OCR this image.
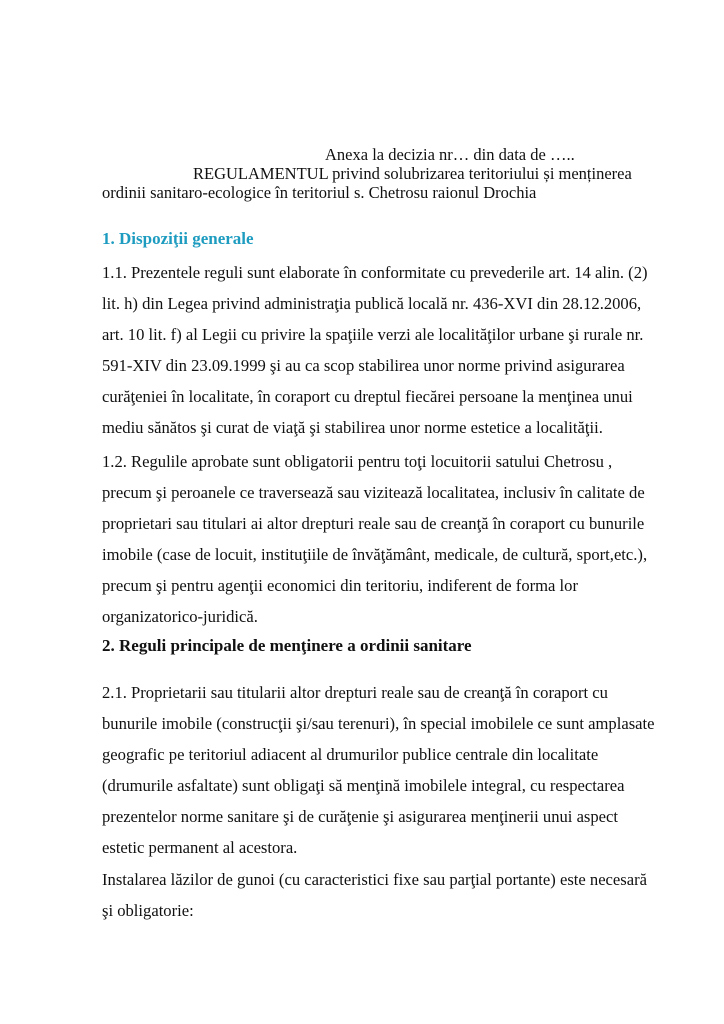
Anexa la decizia nr… din data de …..
REGULAMENTUL privind solubrizarea teritoriului și menținerea
ordinii sanitaro-ecologice în teritoriul s. Chetrosu raionul Drochia
1. Dispoziţii generale
1.1. Prezentele reguli sunt elaborate în conformitate cu prevederile art. 14 alin. (2)
lit. h) din Legea privind administraţia publică locală nr. 436-XVI din 28.12.2006,
art. 10 lit. f) al Legii cu privire la spaţiile verzi ale localităţilor urbane şi rurale nr.
591-XIV din 23.09.1999 şi au ca scop stabilirea unor norme privind asigurarea
curăţeniei în localitate, în coraport cu dreptul fiecărei persoane la menţinea unui
mediu sănătos şi curat de viaţă şi stabilirea unor norme estetice a localităţii.
1.2. Regulile aprobate sunt obligatorii pentru toţi locuitorii satului Chetrosu ,
precum şi peroanele ce traversează sau vizitează localitatea, inclusiv în calitate de
proprietari sau titulari ai altor drepturi reale sau de creanţă în coraport cu bunurile
imobile (case de locuit, instituţiile de învăţământ, medicale, de cultură, sport,etc.),
precum şi pentru agenţii economici din teritoriu, indiferent de forma lor
organizatorico-juridică.
2. Reguli principale de menţinere a ordinii sanitare
2.1. Proprietarii sau titularii altor drepturi reale sau de creanţă în coraport cu
bunurile imobile (construcţii şi/sau terenuri), în special imobilele ce sunt amplasate
geografic pe teritoriul adiacent al drumurilor publice centrale din localitate
(drumurile asfaltate) sunt obligaţi să menţină imobilele integral, cu respectarea
prezentelor norme sanitare şi de curăţenie şi asigurarea menţinerii unui aspect
estetic permanent al acestora.
Instalarea lăzilor de gunoi (cu caracteristici fixe sau parţial portante) este necesară
şi obligatorie:
